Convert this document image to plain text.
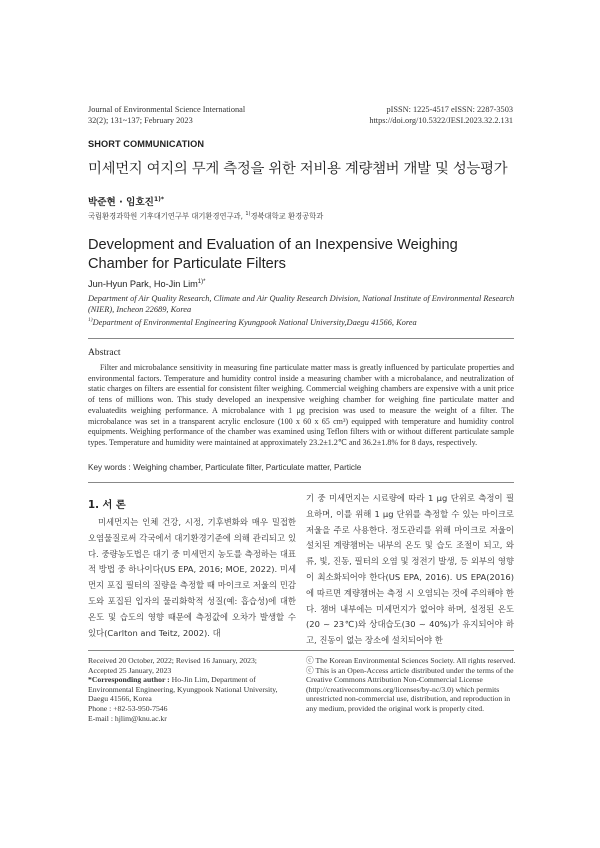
Journal of Environmental Science International
32(2); 131~137; February 2023
pISSN: 1225-4517 eISSN: 2287-3503
https://doi.org/10.5322/JESI.2023.32.2.131
SHORT COMMUNICATION
미세먼지 여지의 무게 측정을 위한 저비용 계량챔버 개발 및 성능평가
박준현 · 임호진$^{1)*}$
국립환경과학원 기후대기연구부 대기환경연구과, $^{1)}$경북대학교 환경공학과
Development and Evaluation of an Inexpensive Weighing Chamber for Particulate Filters
Jun-Hyun Park, Ho-Jin Lim$^{1)*}$
Department of Air Quality Research, Climate and Air Quality Research Division, National Institute of Environmental Research (NIER), Incheon 22689, Korea
$^{1)}$Department of Environmental Engineering Kyungpook National University,Daegu 41566, Korea
Abstract
Filter and microbalance sensitivity in measuring fine particulate matter mass is greatly influenced by particulate properties and environmental factors. Temperature and humidity control inside a measuring chamber with a microbalance, and neutralization of static charges on filters are essential for consistent filter weighing. Commercial weighing chambers are expensive with a unit price of tens of millions won. This study developed an inexpensive weighing chamber for weighing fine particulate matter and evaluatedits weighing performance. A microbalance with 1 μg precision was used to measure the weight of a filter. The microbalance was set in a transparent acrylic enclosure (100 x 60 x 65 cm³) equipped with temperature and humidity control equipments. Weighing performance of the chamber was examined using Teflon filters with or without different particulate sample types. Temperature and humidity were maintained at approximately 23.2±1.2℃ and 36.2±1.8% for 8 days, respectively.
Key words : Weighing chamber, Particulate filter, Particulate matter, Particle
1. 서 론
미세먼지는 인체 건강, 시정, 기후변화와 매우 밀접한 오염물질로써 각국에서 대기환경기준에 의해 관리되고 있다. 중량농도법은 대기 중 미세먼지 농도를 측정하는 대표적 방법 중 하나이다(US EPA, 2016; MOE, 2022). 미세먼지 포집 필터의 질량을 측정할 때 마이크로 저울의 민감도와 포집된 입자의 물리화학적 성질(예: 흡습성)에 대한 온도 및 습도의 영향 때문에 측정값에 오차가 발생할 수 있다(Carlton and Teitz, 2002). 대
기 중 미세먼지는 시료량에 따라 1 μg 단위로 측정이 필요하며, 이를 위해 1 μg 단위를 측정할 수 있는 마이크로 저울을 주로 사용한다. 정도관리를 위해 마이크로 저울이 설치된 계량챔버는 내부의 온도 및 습도 조절이 되고, 와류, 빛, 진동, 필터의 오염 및 정전기 발생, 등 외부의 영향이 최소화되어야 한다(US EPA, 2016). US EPA(2016)에 따르면 계량챔버는 측정 시 오염되는 것에 주의해야 한다. 챔버 내부에는 미세먼지가 없어야 하며, 설정된 온도(20 ~ 23℃)와 상대습도(30 ~ 40%)가 유지되어야 하고, 진동이 없는 장소에 설치되어야 한
Received 20 October, 2022; Revised 16 January, 2023;
Accepted 25 January, 2023
*Corresponding author : Ho-Jin Lim, Department of Environmental Engineering, Kyungpook National University, Daegu 41566, Korea
Phone : +82-53-950-7546
E-mail : hjlim@knu.ac.kr
ⓒ The Korean Environmental Sciences Society. All rights reserved.
ⓒ This is an Open-Access article distributed under the terms of the Creative Commons Attribution Non-Commercial License (http://creativecommons.org/licenses/by-nc/3.0) which permits unrestricted non-commercial use, distribution, and reproduction in any medium, provided the original work is properly cited.
